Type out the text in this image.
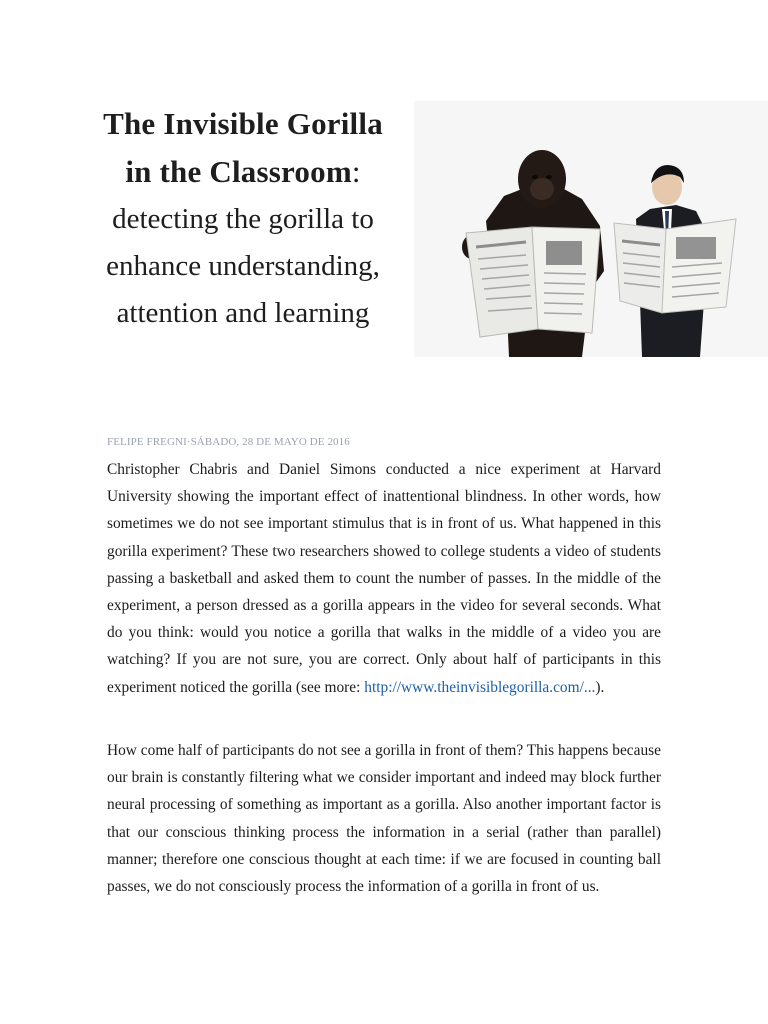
The Invisible Gorilla
in the Classroom:
detecting the gorilla to enhance understanding, attention and learning
FELIPE FREGNI·SÁBADO, 28 DE MAYO DE 2016

Christopher Chabris and Daniel Simons conducted a nice experiment at Harvard University showing the important effect of inattentional blindness. In other words, how sometimes we do not see important stimulus that is in front of us. What happened in this gorilla experiment? These two researchers showed to college students a video of students passing a basketball and asked them to count the number of passes. In the middle of the experiment, a person dressed as a gorilla appears in the video for several seconds. What do you think: would you notice a gorilla that walks in the middle of a video you are watching? If you are not sure, you are correct. Only about half of participants in this experiment noticed the gorilla (see more: http://www.theinvisiblegorilla.com/...).

How come half of participants do not see a gorilla in front of them? This happens because our brain is constantly filtering what we consider important and indeed may block further neural processing of something as important as a gorilla. Also another important factor is that our conscious thinking process the information in a serial (rather than parallel) manner; therefore one conscious thought at each time: if we are focused in counting ball passes, we do not consciously process the information of a gorilla in front of us.
